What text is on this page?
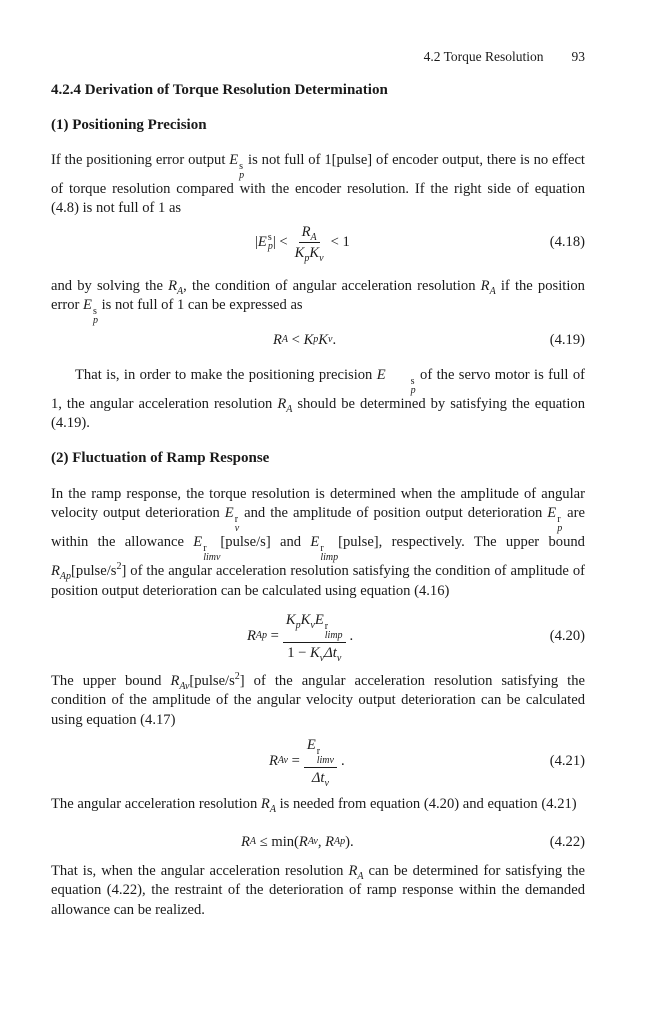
4.2 Torque Resolution 93
4.2.4 Derivation of Torque Resolution Determination
(1) Positioning Precision
If the positioning error output E s
p
is not full of 1[pulse] of encoder output, there is no effect of torque resolution compared with the encoder resolution. If the right side of equation (4.8) is not full of 1 as
| E s
p | < $\frac{R_A}{K_pK_v} < 1$	(4.18)
and by solving the $R_A$, the condition of angular acceleration resolution $R_A$ if the position error E s
p
is not full of 1 can be expressed as
R A < K p K v .	(4.19)
That is, in order to make the positioning precision E	s
p
of the servo motor is full of 1, the angular acceleration resolution $R_A$ should be determined by satisfying the equation (4.19).
(2) Fluctuation of Ramp Response
In the ramp response, the torque resolution is determined when the amplitude of angular velocity output deterioration E r
v
and the amplitude of position output deterioration E r
p
are within the allowance E r
limv
[pulse/s] and E r
limp
[pulse], respectively. The upper bound $R_{Ap}[pulse/s^2]$ of the angular acceleration resolution satisfying the condition of amplitude of position output deterioration can be calculated using equation (4.16)
R $Ap = K_pK_vE$ r
limp
$1 - K_v\Delta t_v$ .	(4.20)
The upper bound $R_{Av}[pulse/s^2]$ of the angular acceleration resolution satisfying the condition of the amplitude of the angular velocity output deterioration can be calculated using equation (4.17)
R Av = E r
limv
$\Delta t_v$ .	(4.21)
The angular acceleration resolution $R_A$ is needed from equation (4.20) and equation (4.21)
R A ≤ min( R Av , R Ap ).	(4.22)
That is, when the angular acceleration resolution $R_A$ can be determined for satisfying the equation (4.22), the restraint of the deterioration of ramp response within the demanded allowance can be realized.
